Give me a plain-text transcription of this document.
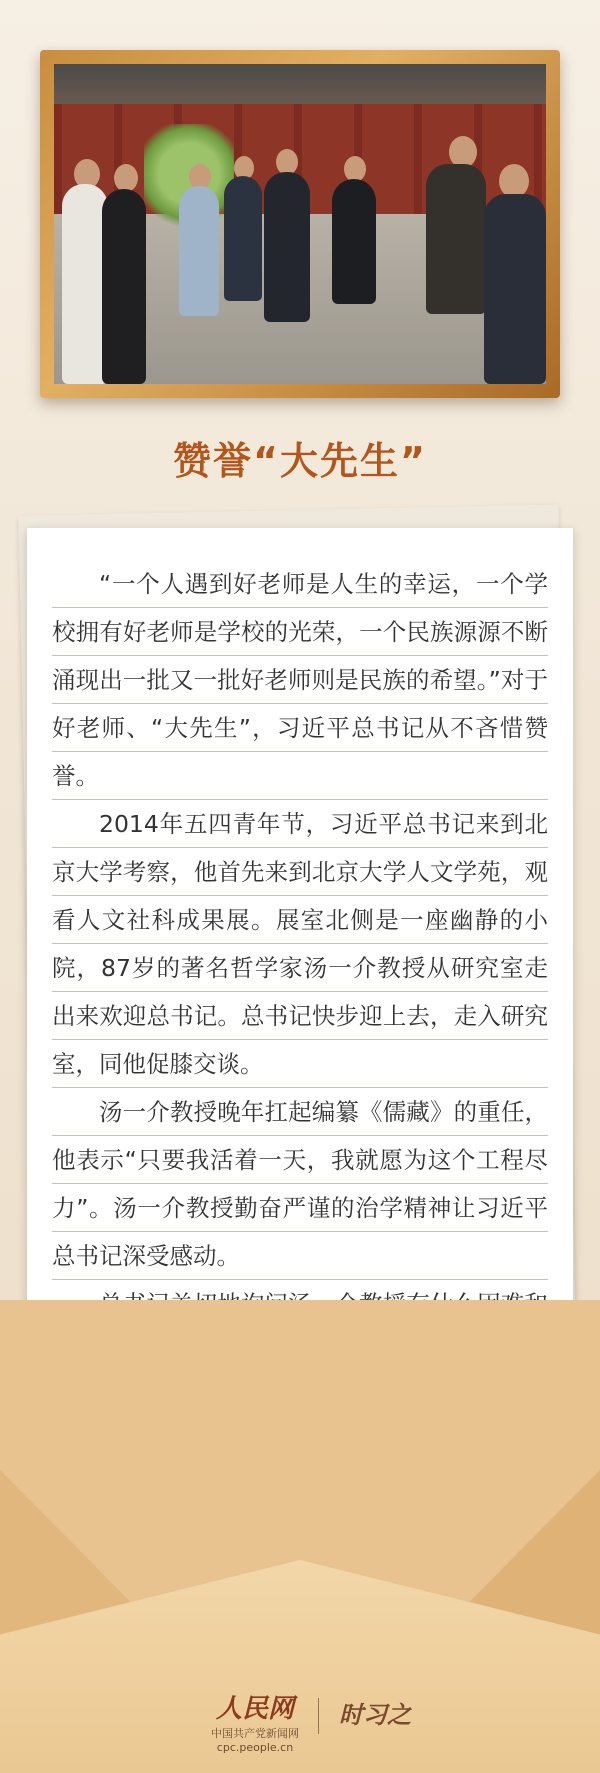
赞誉“大先生”

“一个人遇到好老师是人生的幸运，一个学校拥有好老师是学校的光荣，一个民族源源不断涌现出一批又一批好老师则是民族的希望。”对于好老师、“大先生”，习近平总书记从不吝惜赞誉。

2014年五四青年节，习近平总书记来到北京大学考察，他首先来到北京大学人文学苑，观看人文社科成果展。展室北侧是一座幽静的小院，87岁的著名哲学家汤一介教授从研究室走出来欢迎总书记。总书记快步迎上去，走入研究室，同他促膝交谈。

汤一介教授晚年扛起编纂《儒藏》的重任，他表示“只要我活着一天，我就愿为这个工程尽力”。汤一介教授勤奋严谨的治学精神让习近平总书记深受感动。

人民网
中国共产党新闻网
cpc.people.cn
时习之
